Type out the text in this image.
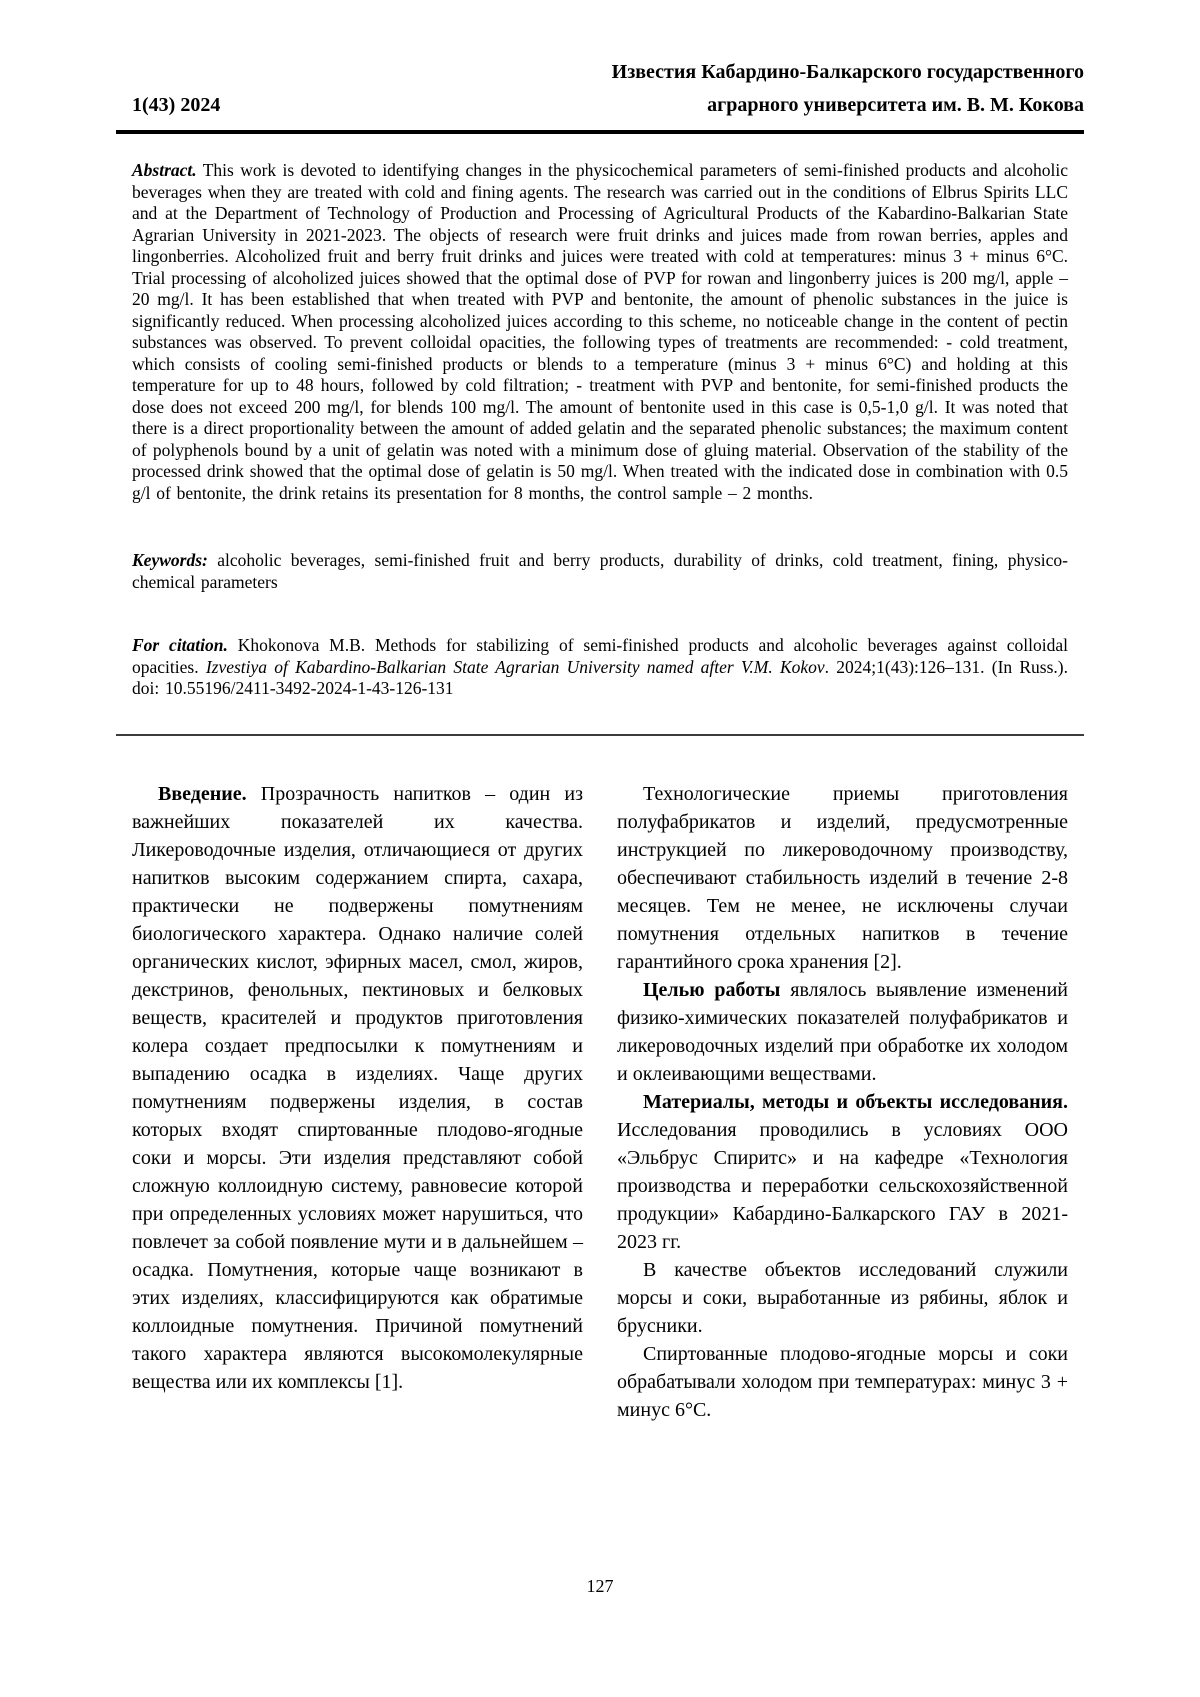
1(43) 2024
Известия Кабардино-Балкарского государственного
аграрного университета им. В. М. Кокова

Abstract. This work is devoted to identifying changes in the physicochemical parameters of semi-finished products and alcoholic beverages when they are treated with cold and fining agents. The research was carried out in the conditions of Elbrus Spirits LLC and at the Department of Technology of Production and Processing of Agricultural Products of the Kabardino-Balkarian State Agrarian University in 2021-2023. The objects of research were fruit drinks and juices made from rowan berries, apples and lingonberries. Alcoholized fruit and berry fruit drinks and juices were treated with cold at temperatures: minus 3 + minus 6°C. Trial processing of alcoholized juices showed that the optimal dose of PVP for rowan and lingonberry juices is 200 mg/l, apple – 20 mg/l. It has been established that when treated with PVP and bentonite, the amount of phenolic substances in the juice is significantly reduced. When processing alcoholized juices according to this scheme, no noticeable change in the content of pectin substances was observed. To prevent colloidal opacities, the following types of treatments are recommended: - cold treatment, which consists of cooling semi-finished products or blends to a temperature (minus 3 + minus 6°C) and holding at this temperature for up to 48 hours, followed by cold filtration; - treatment with PVP and bentonite, for semi-finished products the dose does not exceed 200 mg/l, for blends 100 mg/l. The amount of bentonite used in this case is 0,5-1,0 g/l. It was noted that there is a direct proportionality between the amount of added gelatin and the separated phenolic substances; the maximum content of polyphenols bound by a unit of gelatin was noted with a minimum dose of gluing material. Observation of the stability of the processed drink showed that the optimal dose of gelatin is 50 mg/l. When treated with the indicated dose in combination with 0.5 g/l of bentonite, the drink retains its presentation for 8 months, the control sample – 2 months.

Keywords: alcoholic beverages, semi-finished fruit and berry products, durability of drinks, cold treatment, fining, physico-chemical parameters

For citation. Khokonova M.B. Methods for stabilizing of semi-finished products and alcoholic beverages against colloidal opacities. Izvestiya of Kabardino-Balkarian State Agrarian University named after V.M. Kokov. 2024;1(43):126–131. (In Russ.). doi: 10.55196/2411-3492-2024-1-43-126-131

Введение. Прозрачность напитков – один из важнейших показателей их качества. Ликероводочные изделия, отличающиеся от других напитков высоким содержанием спирта, сахара, практически не подвержены помутнениям биологического характера. Однако наличие солей органических кислот, эфирных масел, смол, жиров, декстринов, фенольных, пектиновых и белковых веществ, красителей и продуктов приготовления колера создает предпосылки к помутнениям и выпадению осадка в изделиях. Чаще других помутнениям подвержены изделия, в состав которых входят спиртованные плодово-ягодные соки и морсы. Эти изделия представляют собой сложную коллоидную систему, равновесие которой при определенных условиях может нарушиться, что повлечет за собой появление мути и в дальнейшем – осадка. Помутнения, которые чаще возникают в этих изделиях, классифицируются как обратимые коллоидные помутнения. Причиной помутнений такого характера являются высокомолекулярные вещества или их комплексы [1].

Технологические приемы приготовления полуфабрикатов и изделий, предусмотренные инструкцией по ликероводочному производству, обеспечивают стабильность изделий в течение 2-8 месяцев. Тем не менее, не исключены случаи помутнения отдельных напитков в течение гарантийного срока хранения [2].

Целью работы являлось выявление изменений физико-химических показателей полуфабрикатов и ликероводочных изделий при обработке их холодом и оклеивающими веществами.

Материалы, методы и объекты исследования. Исследования проводились в условиях ООО «Эльбрус Спиритс» и на кафедре «Технология производства и переработки сельскохозяйственной продукции» Кабардино-Балкарского ГАУ в 2021-2023 гг.

В качестве объектов исследований служили морсы и соки, выработанные из рябины, яблок и брусники.

Спиртованные плодово-ягодные морсы и соки обрабатывали холодом при температурах: минус 3 + минус 6°С.

127
